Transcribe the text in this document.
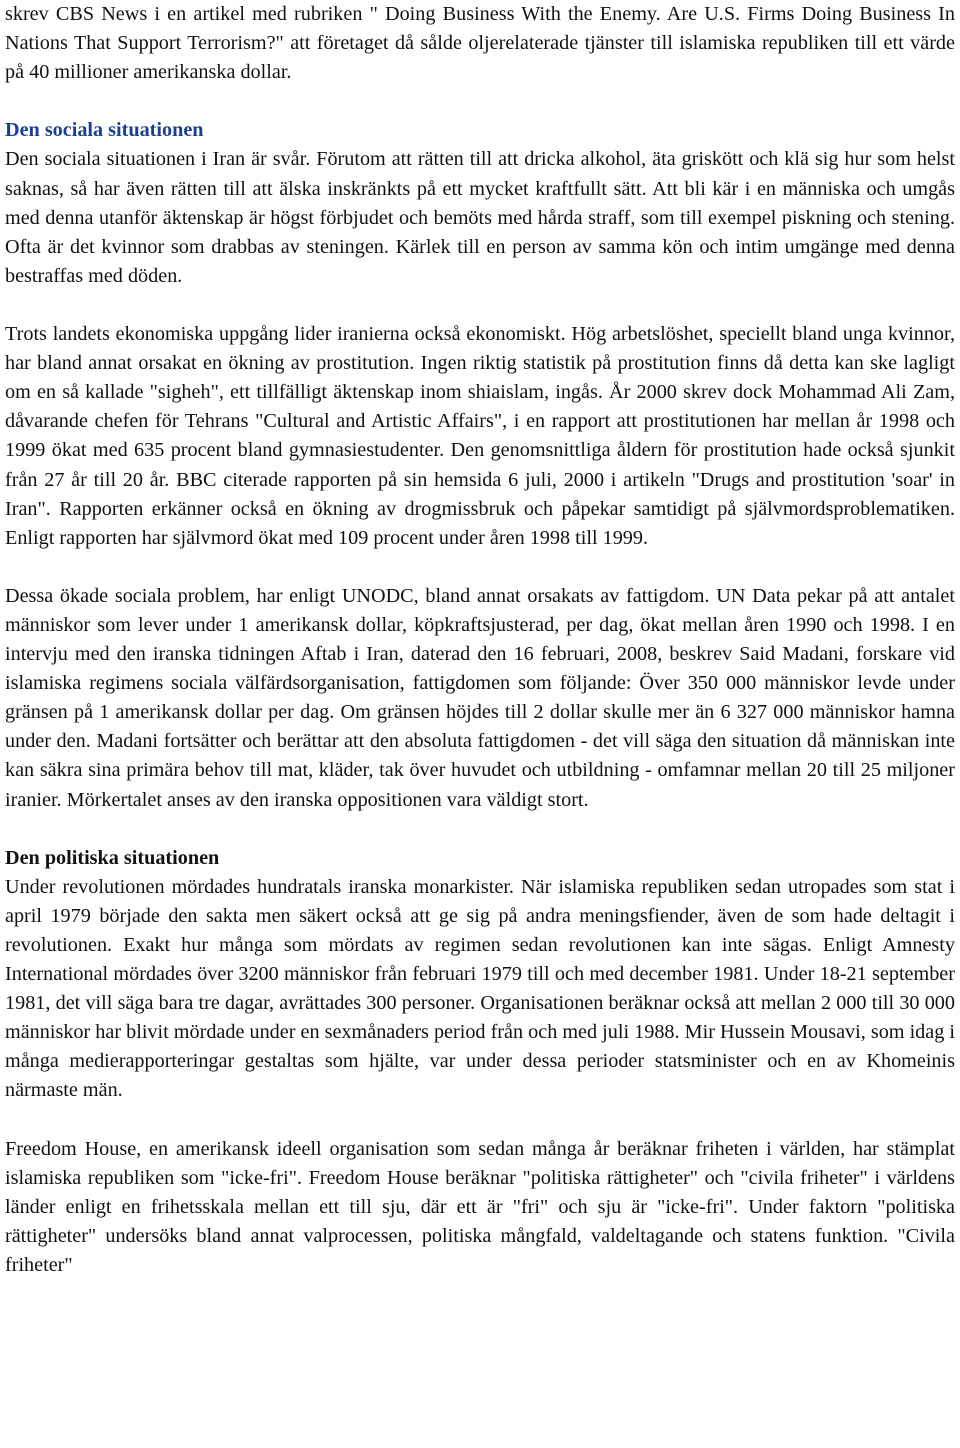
skrev CBS News i en artikel med rubriken " Doing Business With the Enemy. Are U.S. Firms Doing Business In Nations That Support Terrorism?" att företaget då sålde oljerelaterade tjänster till islamiska republiken till ett värde på 40 millioner amerikanska dollar.

Den sociala situationen

Den sociala situationen i Iran är svår. Förutom att rätten till att dricka alkohol, äta griskött och klä sig hur som helst saknas, så har även rätten till att älska inskränkts på ett mycket kraftfullt sätt. Att bli kär i en människa och umgås med denna utanför äktenskap är högst förbjudet och bemöts med hårda straff, som till exempel piskning och stening. Ofta är det kvinnor som drabbas av steningen. Kärlek till en person av samma kön och intim umgänge med denna bestraffas med döden.

Trots landets ekonomiska uppgång lider iranierna också ekonomiskt. Hög arbetslöshet, speciellt bland unga kvinnor, har bland annat orsakat en ökning av prostitution. Ingen riktig statistik på prostitution finns då detta kan ske lagligt om en så kallade "sigheh", ett tillfälligt äktenskap inom shiaislam, ingås. År 2000 skrev dock Mohammad Ali Zam, dåvarande chefen för Tehrans "Cultural and Artistic Affairs", i en rapport att prostitutionen har mellan år 1998 och 1999 ökat med 635 procent bland gymnasiestudenter. Den genomsnittliga åldern för prostitution hade också sjunkit från 27 år till 20 år. BBC citerade rapporten på sin hemsida 6 juli, 2000 i artikeln "Drugs and prostitution 'soar' in Iran". Rapporten erkänner också en ökning av drogmissbruk och påpekar samtidigt på självmordsproblematiken. Enligt rapporten har självmord ökat med 109 procent under åren 1998 till 1999.

Dessa ökade sociala problem, har enligt UNODC, bland annat orsakats av fattigdom. UN Data pekar på att antalet människor som lever under 1 amerikansk dollar, köpkraftsjusterad, per dag, ökat mellan åren 1990 och 1998. I en intervju med den iranska tidningen Aftab i Iran, daterad den 16 februari, 2008, beskrev Said Madani, forskare vid islamiska regimens sociala välfärdsorganisation, fattigdomen som följande: Över 350 000 människor levde under gränsen på 1 amerikansk dollar per dag. Om gränsen höjdes till 2 dollar skulle mer än 6 327 000 människor hamna under den. Madani fortsätter och berättar att den absoluta fattigdomen - det vill säga den situation då människan inte kan säkra sina primära behov till mat, kläder, tak över huvudet och utbildning - omfamnar mellan 20 till 25 miljoner iranier. Mörkertalet anses av den iranska oppositionen vara väldigt stort.

Den politiska situationen

Under revolutionen mördades hundratals iranska monarkister. När islamiska republiken sedan utropades som stat i april 1979 började den sakta men säkert också att ge sig på andra meningsfiender, även de som hade deltagit i revolutionen. Exakt hur många som mördats av regimen sedan revolutionen kan inte sägas. Enligt Amnesty International mördades över 3200 människor från februari 1979 till och med december 1981. Under 18-21 september 1981, det vill säga bara tre dagar, avrättades 300 personer. Organisationen beräknar också att mellan 2 000 till 30 000 människor har blivit mördade under en sexmånaders period från och med juli 1988. Mir Hussein Mousavi, som idag i många medierapporteringar gestaltas som hjälte, var under dessa perioder statsminister och en av Khomeinis närmaste män.

Freedom House, en amerikansk ideell organisation som sedan många år beräknar friheten i världen, har stämplat islamiska republiken som "icke-fri". Freedom House beräknar "politiska rättigheter" och "civila friheter" i världens länder enligt en frihetsskala mellan ett till sju, där ett är "fri" och sju är "icke-fri". Under faktorn "politiska rättigheter" undersöks bland annat valprocessen, politiska mångfald, valdeltagande och statens funktion. "Civila friheter"
